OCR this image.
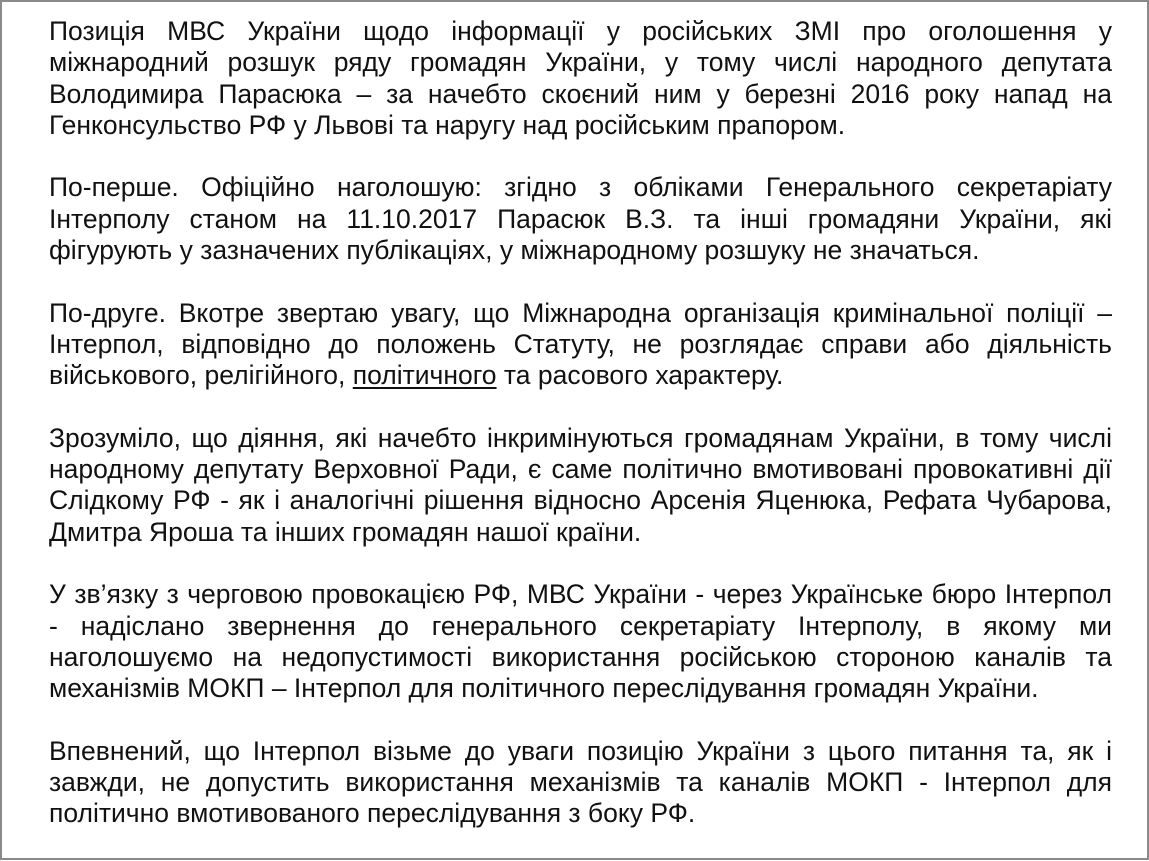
Позиція МВС України щодо інформації у російських ЗМІ про оголошення у міжнародний розшук ряду громадян України, у тому числі народного депутата Володимира Парасюка – за начебто скоєний ним у березні 2016 року напад на Генконсульство РФ у Львові та наругу над російським прапором.

По-перше. Офіційно наголошую: згідно з обліками Генерального секретаріату Інтерполу станом на 11.10.2017 Парасюк В.З. та інші громадяни України, які фігурують у зазначених публікаціях, у міжнародному розшуку не значаться.

По-друге. Вкотре звертаю увагу, що Міжнародна організація кримінальної поліції – Інтерпол, відповідно до положень Статуту, не розглядає справи або діяльність військового, релігійного, політичного та расового характеру.

Зрозуміло, що діяння, які начебто інкримінуються громадянам України, в тому числі народному депутату Верховної Ради, є саме політично вмотивовані провокативні дії Слідкому РФ - як і аналогічні рішення відносно Арсенія Яценюка, Рефата Чубарова, Дмитра Яроша та інших громадян нашої країни.

У зв’язку з черговою провокацією РФ, МВС України - через Українське бюро Інтерпол - надіслано звернення до генерального секретаріату Інтерполу, в якому ми наголошуємо на недопустимості використання російською стороною каналів та механізмів МОКП – Інтерпол для політичного переслідування громадян України.

Впевнений, що Інтерпол візьме до уваги позицію України з цього питання та, як і завжди, не допустить використання механізмів та каналів МОКП - Інтерпол для політично вмотивованого переслідування з боку РФ.
